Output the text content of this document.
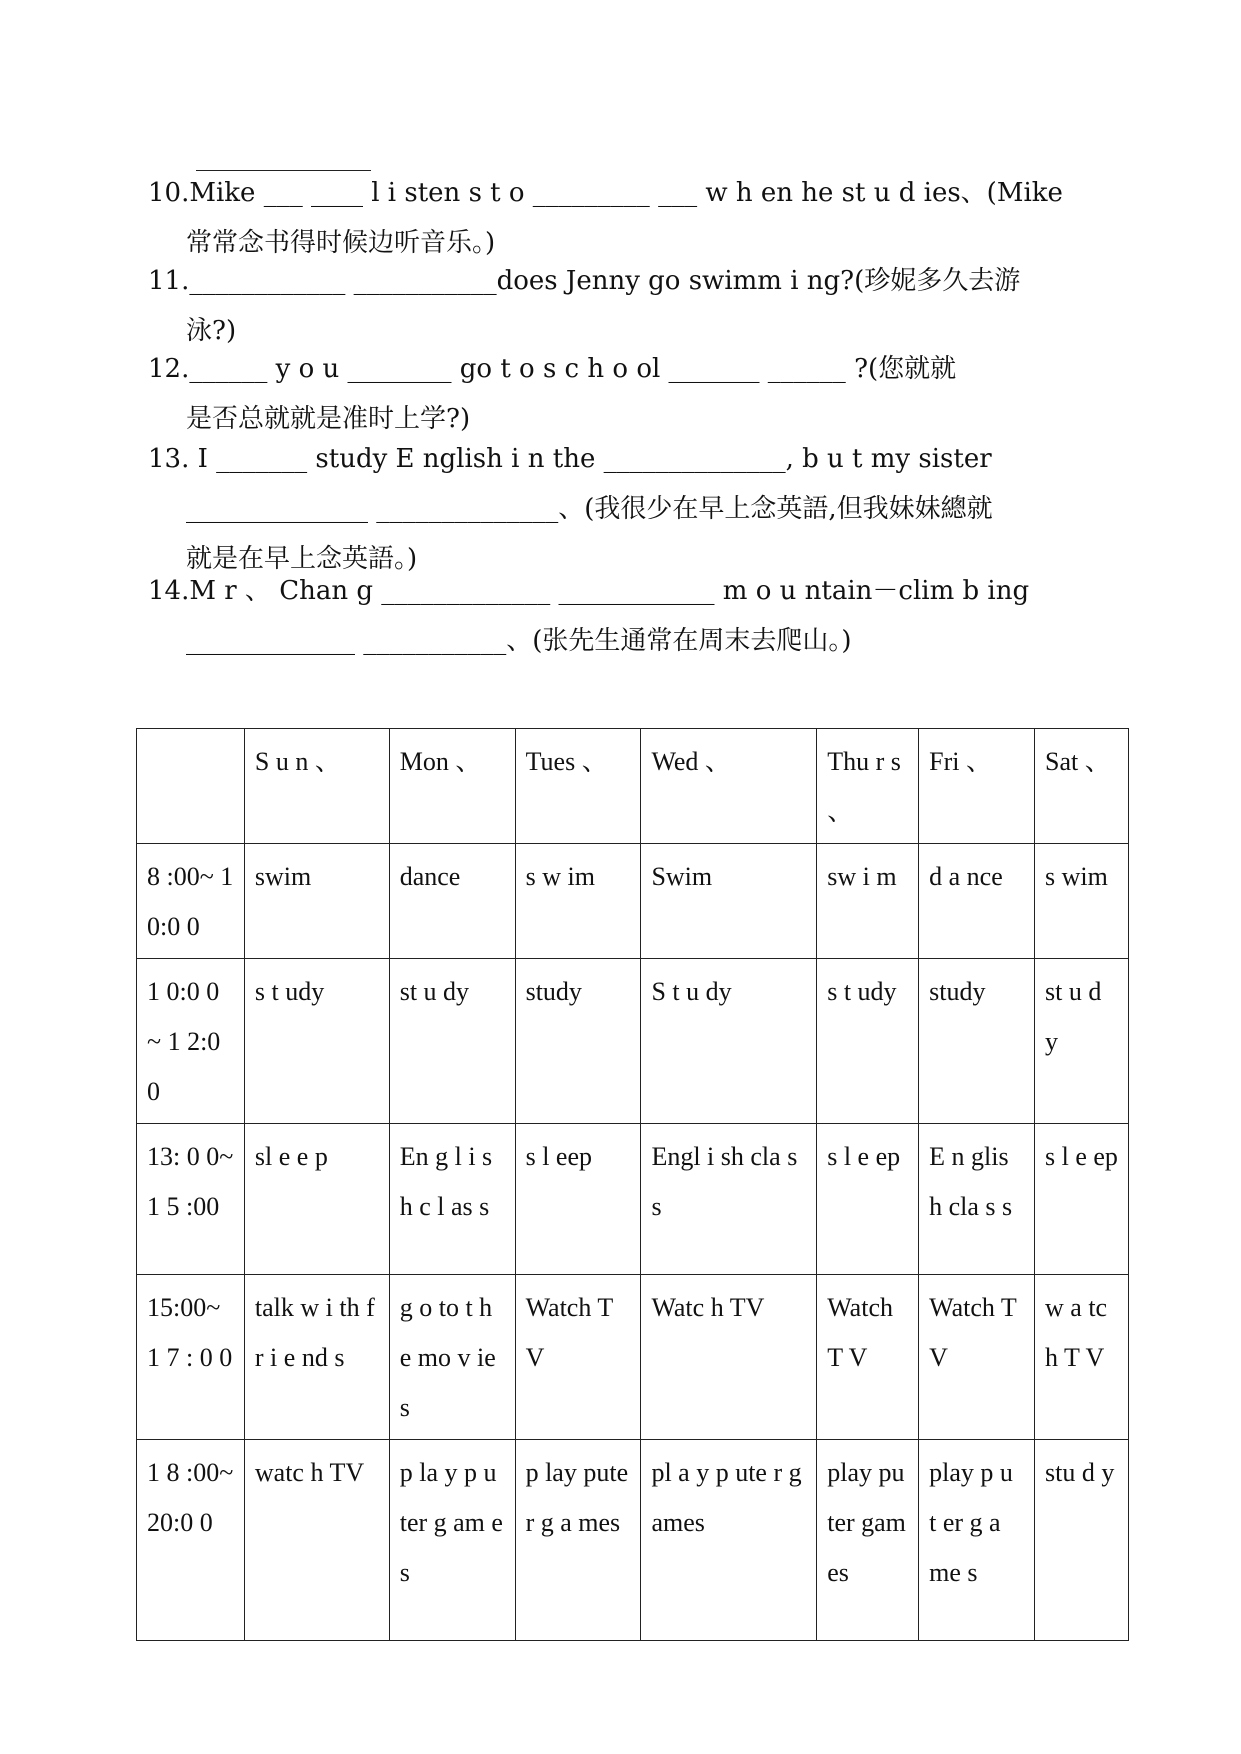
10.Mike ___ ____ l i sten s t o _________ ___ w h en he st u d ies、(Mike
常常念书得时候边听音乐。)
11.____________ ___________does Jenny go swimm i ng?(珍妮多久去游
泳?)
12.______ y o u ________ go t o s c h o ol _______ ______ ?(您就就
是否总就就是准时上学?)
13. I _______ study E nglish i n the ______________, b u t my sister
______________ ______________、(我很少在早上念英語,但我妹妹總就
就是在早上念英語。)
14.M r 、 Chan g _____________ ____________ m o u ntain－clim b ing
_____________ ___________、(张先生通常在周末去爬山。)
	S u n 、	Mon 、	Tues 、	Wed 、	Thu r s 、	Fri 、	Sat 、
8 :00~ 10:0 0	swim	dance	s w im	Swim	sw i m	d a nce	s wim
1 0:0 0 ~ 1 2:0 0	s t udy	st u dy	study	S t u dy	s t udy	study	st u d y
13: 0 0~1 5 :00	sl e e p	En g l i sh c l as s	s l eep	Engl i sh cla s s	s l e ep	E n glis h cla s s	s l e ep
15:00~ 1 7 : 0 0	talk w i th f r i e nd s	g o to t h e mo v ie s	Watch T V	Watc h TV	Watch T V	Watch TV	w a tch T V
1 8 :00~ 20:0 0	watc h TV	p la y p u ter g am e s	p lay puter g a mes	pl a y p ute r games	play puter games	play p u t er g a me s	stu d y
